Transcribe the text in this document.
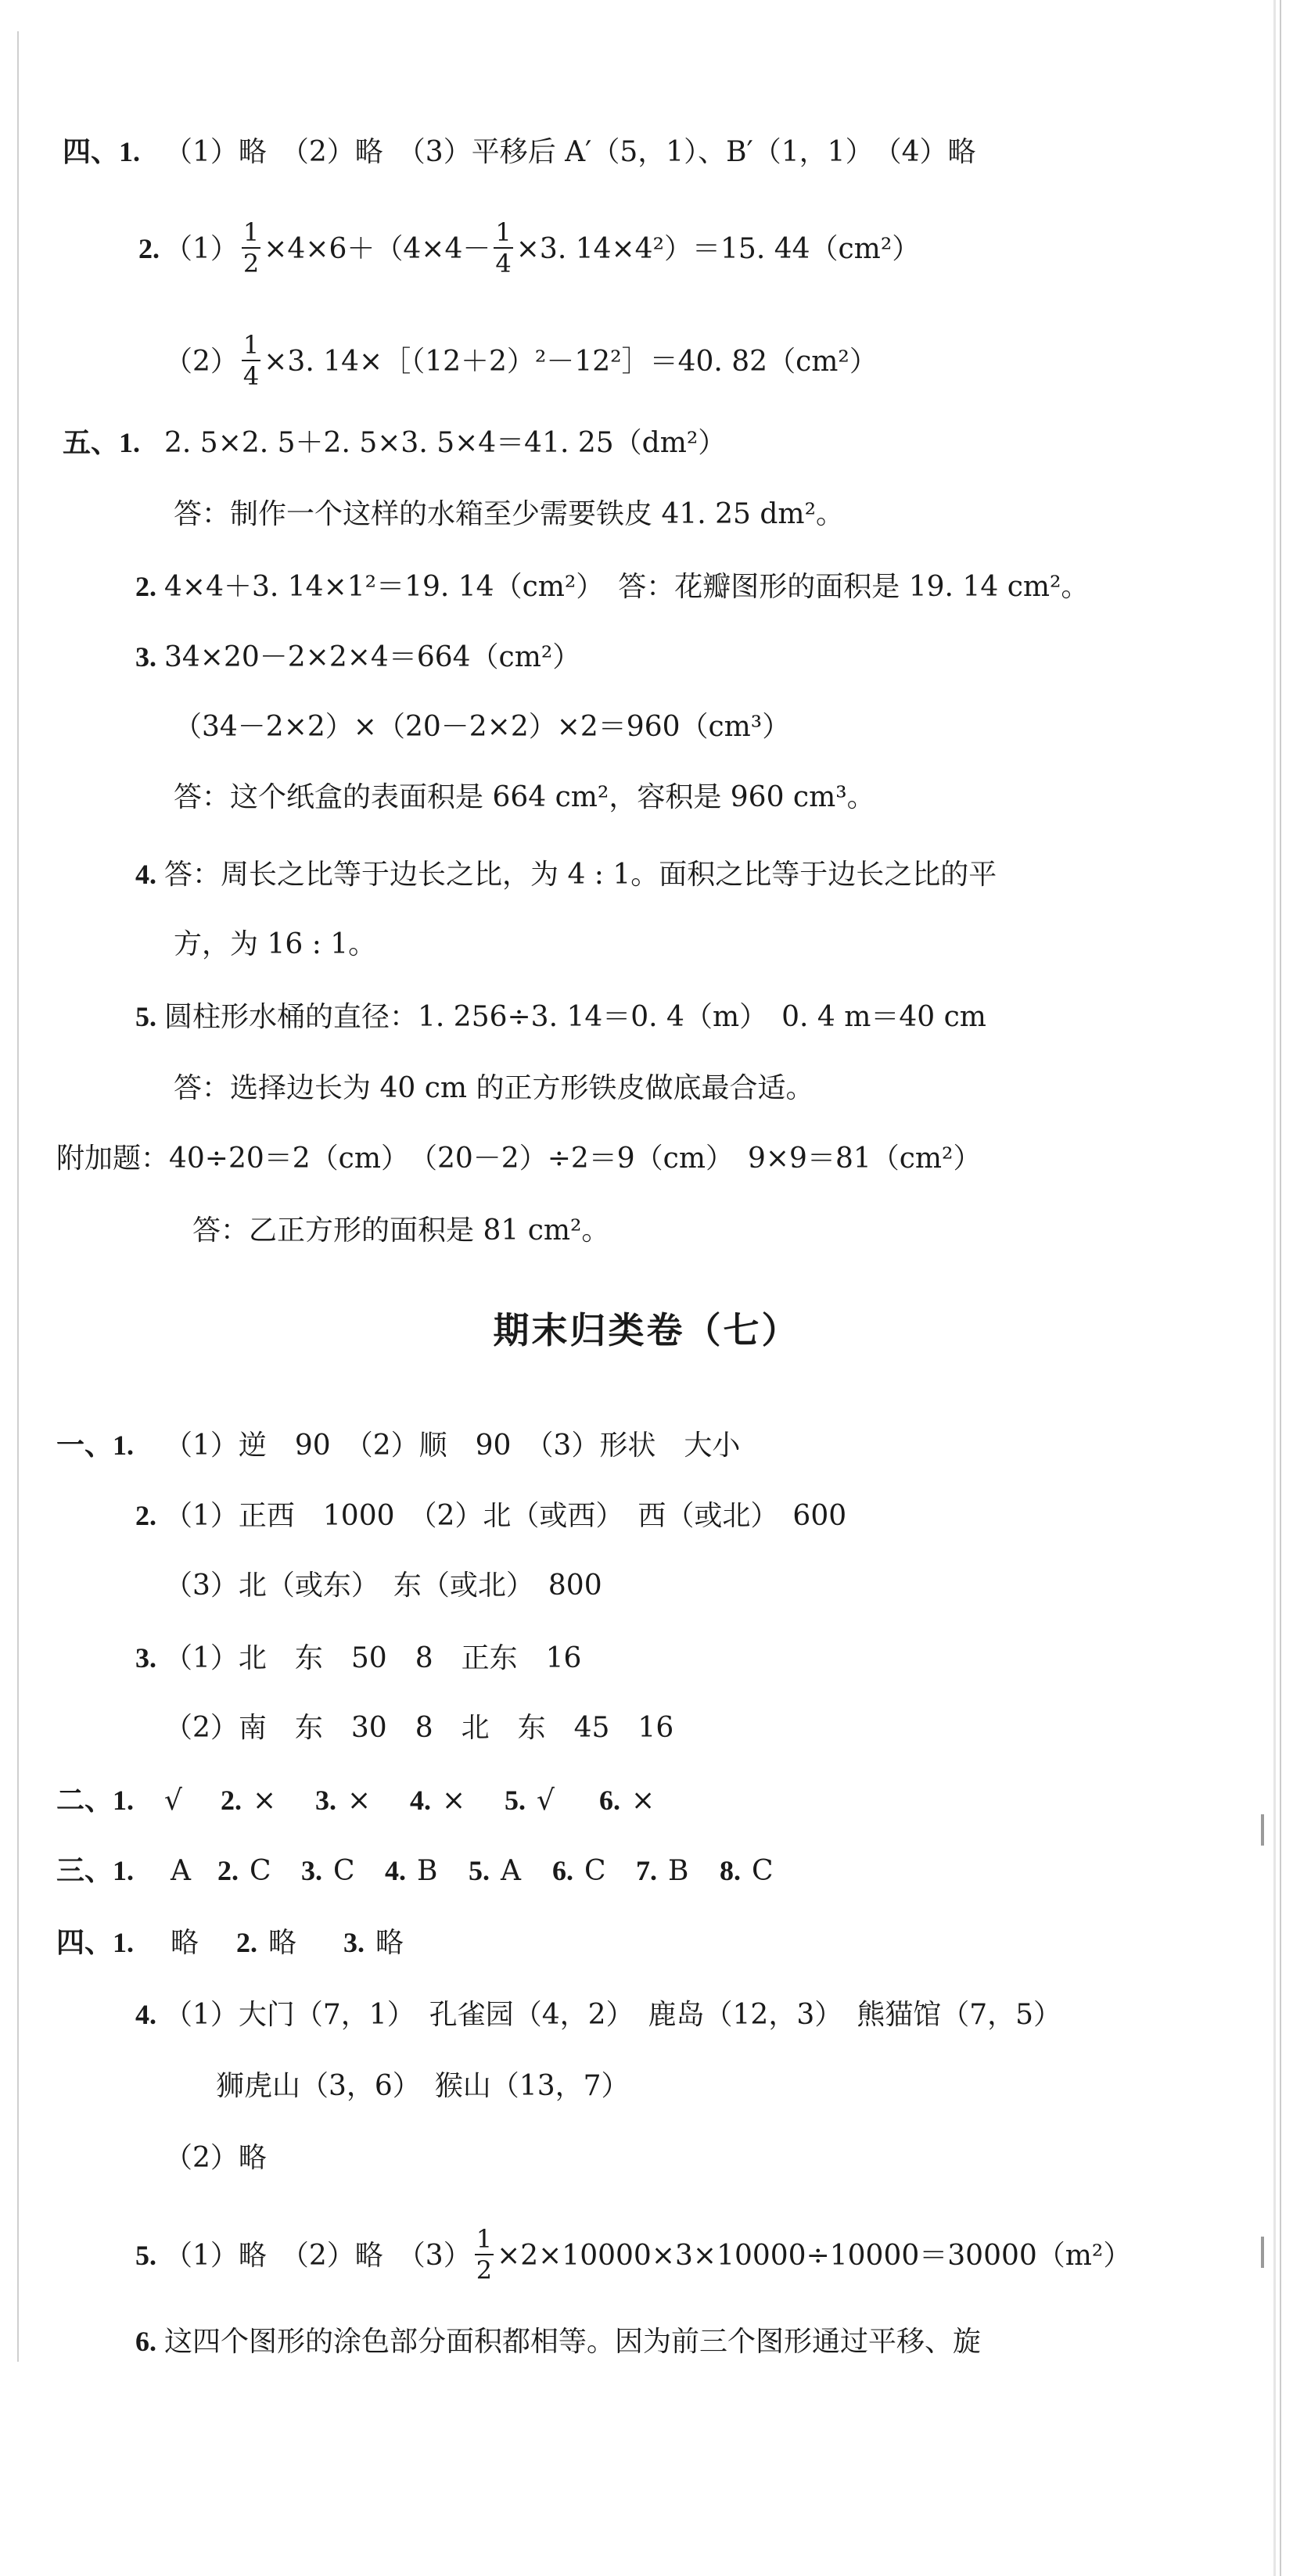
四、1. （1）略　（2）略　（3）平移后 A′（5，1）、B′（1，1）　（4）略
2. $(1) \frac{1}{2} \times 4\times 6+(4\times 4- \frac{1}{4} \times 3$. 14×4²）＝15. 44（cm²）
$(2) \frac{1}{4} \times 3$. 14×［（12＋2）²－12²］＝40. 82（cm²）
五、1. 2. 5×2. 5＋2. 5×3. 5×4＝41. 25（dm²）
答：制作一个这样的水箱至少需要铁皮 41. 25 dm²。
2. 4×4＋3. 14×1²＝19. 14（cm²）　答：花瓣图形的面积是 19. 14 cm²。
3. 34×20－2×2×4＝664（cm²）
（34－2×2）×（20－2×2）×2＝960（cm³）
答：这个纸盒的表面积是 664 cm²，容积是 960 cm³。
4. 答：周长之比等于边长之比，为 4 : 1。面积之比等于边长之比的平
方，为 16 : 1。
5. 圆柱形水桶的直径：1. 256÷3. 14＝0. 4（m）　0. 4 m＝40 cm
答：选择边长为 40 cm 的正方形铁皮做底最合适。
附加题：40÷20＝2（cm）　（20－2）÷2＝9（cm）　9×9＝81（cm²）
答：乙正方形的面积是 81 cm²。
期末归类卷（七）
一、1. （1）逆　90　（2）顺　90　（3）形状　大小
2. （1）正西　1000　（2）北（或西）　西（或北）　600
（3）北（或东）　东（或北）　800
3. （1）北　东　50　8　正东　16
（2）南　东　30　8　北　东　45　16
二、1. √ 2. × 3. × 4. × 5. √ 6. ×
三、1. A 2. C 3. C 4. B 5. A 6. C 7. B 8. C
四、1. 略 2. 略 3. 略
4. （1）大门（7，1）　孔雀园（4，2）　鹿岛（12，3）　熊猫馆（7，5）
狮虎山（3，6）　猴山（13，7）
（2）略
5. （1）略　（2）略　$(3) \frac{1}{2} \times 2\times 10000\times 3\times 10000\div 10000=30000(m^2)$
6. 这四个图形的涂色部分面积都相等。因为前三个图形通过平移、旋
